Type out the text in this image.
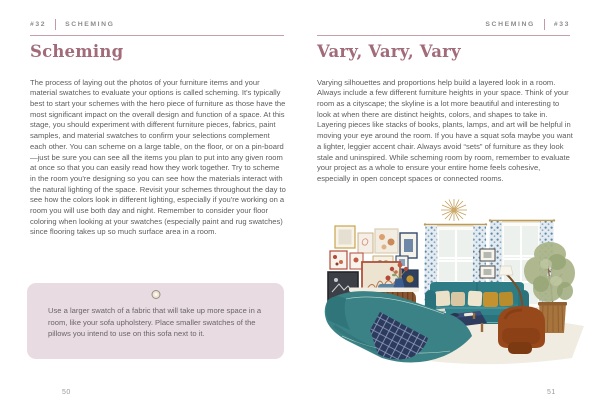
#32	SCHEMING
Scheming

The process of laying out the photos of your furniture items and your material swatches to evaluate your options is called scheming. It's typically best to start your schemes with the hero piece of furniture as those have the most significant impact on the overall design and function of a space. At this stage, you should experiment with different furniture pieces, fabrics, paint samples, and material swatches to confirm your selections complement each other. You can scheme on a large table, on the floor, or on a pin-board—just be sure you can see all the items you plan to put into any given room at once so that you can easily read how they work together. Try to scheme in the room you're designing so you can see how the materials interact with the natural lighting of the space. Revisit your schemes throughout the day to see how the colors look in different lighting, especially if you're working on a room you will use both day and night. Remember to consider your floor coloring when looking at your swatches (especially paint and rug swatches) since flooring takes up so much surface area in a room.

Use a larger swatch of a fabric that will take up more space in a room, like your sofa upholstery. Place smaller swatches of the pillows you intend to use on this sofa next to it.

50
SCHEMING	#33
Vary, Vary, Vary

Varying silhouettes and proportions help build a layered look in a room. Always include a few different furniture heights in your space. Think of your room as a cityscape; the skyline is a lot more beautiful and interesting to look at when there are distinct heights, colors, and shapes to take in. Layering pieces like stacks of books, plants, lamps, and art will be helpful in moving your eye around the room. If you have a squat sofa maybe you want a lighter, leggier accent chair. Always avoid “sets” of furniture as they look stale and uninspired. While scheming room by room, remember to evaluate your project as a whole to ensure your entire home feels cohesive, especially in open concept spaces or connected rooms.

51
